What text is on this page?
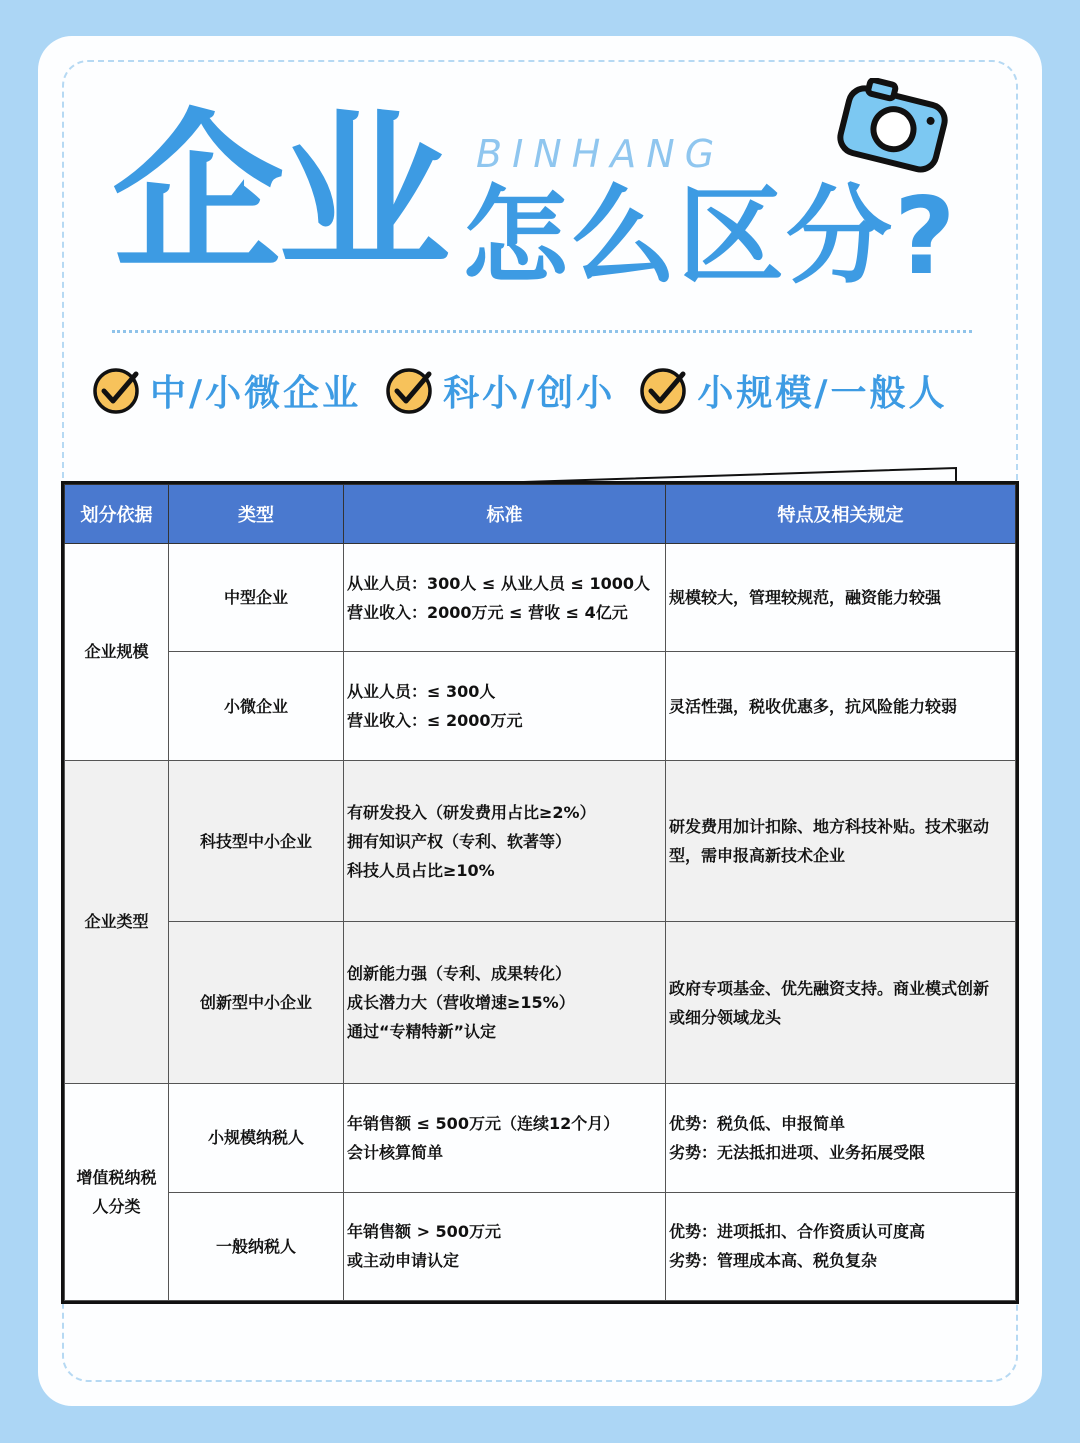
BINHANG
企业 怎么区分?
中/小微企业 科小/创小 小规模/一般人
划分依据	类型	标准	特点及相关规定

企业规模	中型企业	从业人员：300人 ≤ 从业人员 ≤ 1000人
营业收入：2000万元 ≤ 营收 ≤ 4亿元	规模较大，管理较规范，融资能力较强

	小微企业	从业人员：≤ 300人
营业收入：≤ 2000万元	灵活性强，税收优惠多，抗风险能力较弱

企业类型	科技型中小企业	有研发投入（研发费用占比≥2%）
拥有知识产权（专利、软著等）
科技人员占比≥10%	研发费用加计扣除、地方科技补贴。技术驱动
型，需申报高新技术企业

	创新型中小企业	创新能力强（专利、成果转化）
成长潜力大（营收增速≥15%）
通过“专精特新”认定	政府专项基金、优先融资支持。商业模式创新
或细分领域龙头

增值税纳税
人分类	小规模纳税人	年销售额 ≤ 500万元（连续12个月）
会计核算简单	优势：税负低、申报简单
劣势：无法抵扣进项、业务拓展受限

	一般纳税人	年销售额 > 500万元
或主动申请认定	优势：进项抵扣、合作资质认可度高
劣势：管理成本高、税负复杂
